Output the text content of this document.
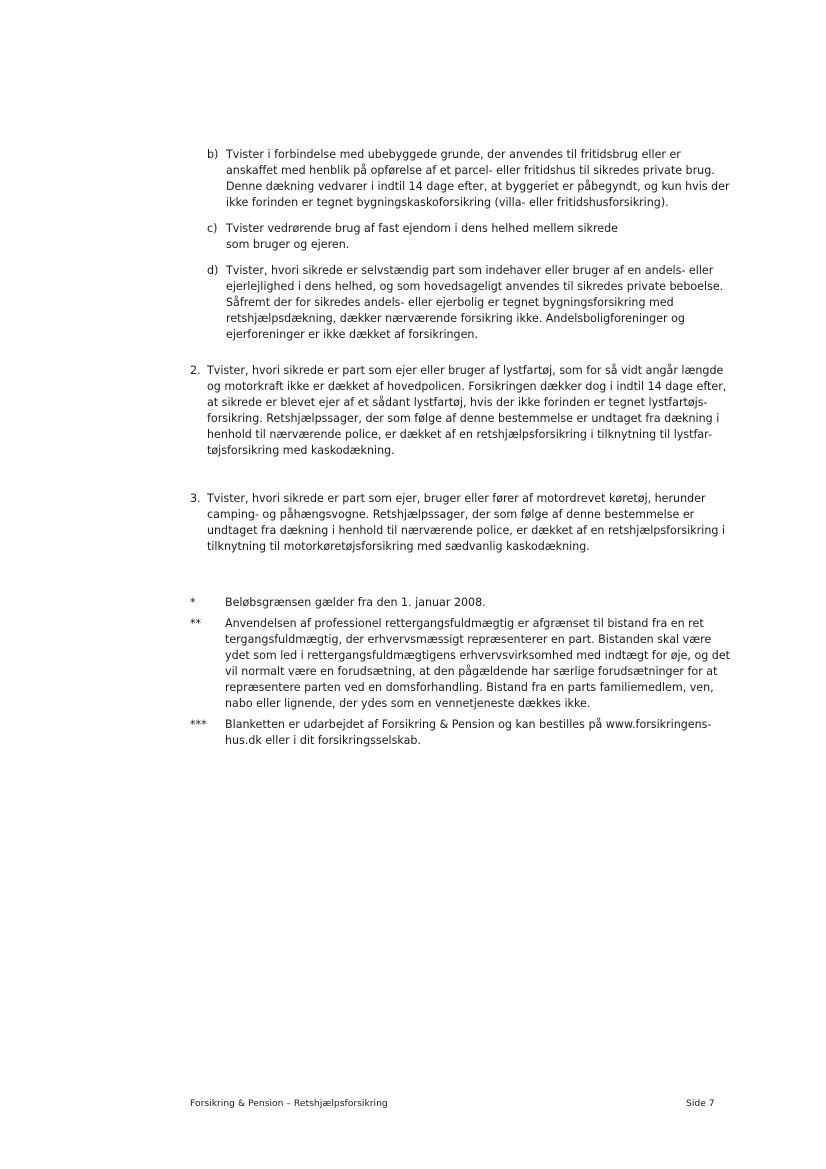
b) Tvister i forbindelse med ubebyggede grunde, der anvendes til fritidsbrug eller er
anskaffet med henblik på opførelse af et parcel- eller fritidshus til sikredes private brug.
Denne dækning vedvarer i indtil 14 dage efter, at byggeriet er påbegyndt, og kun hvis der
ikke forinden er tegnet bygningskaskoforsikring (villa- eller fritidshusforsikring).
c) Tvister vedrørende brug af fast ejendom i dens helhed mellem sikrede
som bruger og ejeren.
d) Tvister, hvori sikrede er selvstændig part som indehaver eller bruger af en andels- eller
ejerlejlighed i dens helhed, og som hovedsageligt anvendes til sikredes private beboelse.
Såfremt der for sikredes andels- eller ejerbolig er tegnet bygningsforsikring med
retshjælpsdækning, dækker nærværende forsikring ikke. Andelsboligforeninger og
ejerforeninger er ikke dækket af forsikringen.
2. Tvister, hvori sikrede er part som ejer eller bruger af lystfartøj, som for så vidt angår længde
og motorkraft ikke er dækket af hovedpolicen. Forsikringen dækker dog i indtil 14 dage efter,
at sikrede er blevet ejer af et sådant lystfartøj, hvis der ikke forinden er tegnet lystfartøjs-
forsikring. Retshjælpssager, der som følge af denne bestemmelse er undtaget fra dækning i
henhold til nærværende police, er dækket af en retshjælpsforsikring i tilknytning til lystfar-
tøjsforsikring med kaskodækning.
3. Tvister, hvori sikrede er part som ejer, bruger eller fører af motordrevet køretøj, herunder
camping- og påhængsvogne. Retshjælpssager, der som følge af denne bestemmelse er
undtaget fra dækning i henhold til nærværende police, er dækket af en retshjælpsforsikring i
tilknytning til motorkøretøjsforsikring med sædvanlig kaskodækning.
*	Beløbsgrænsen gælder fra den 1. januar 2008.
**	Anvendelsen af professionel rettergangsfuldmægtig er afgrænset til bistand fra en ret
tergangsfuldmægtig, der erhvervsmæssigt repræsenterer en part. Bistanden skal være
ydet som led i rettergangsfuldmægtigens erhvervsvirksomhed med indtægt for øje, og det
vil normalt være en forudsætning, at den pågældende har særlige forudsætninger for at
repræsentere parten ved en domsforhandling. Bistand fra en parts familiemedlem, ven,
nabo eller lignende, der ydes som en vennetjeneste dækkes ikke.
***	Blanketten er udarbejdet af Forsikring & Pension og kan bestilles på www.forsikringens-
hus.dk eller i dit forsikringsselskab.
Forsikring & Pension – Retshjælpsforsikring	Side 7
